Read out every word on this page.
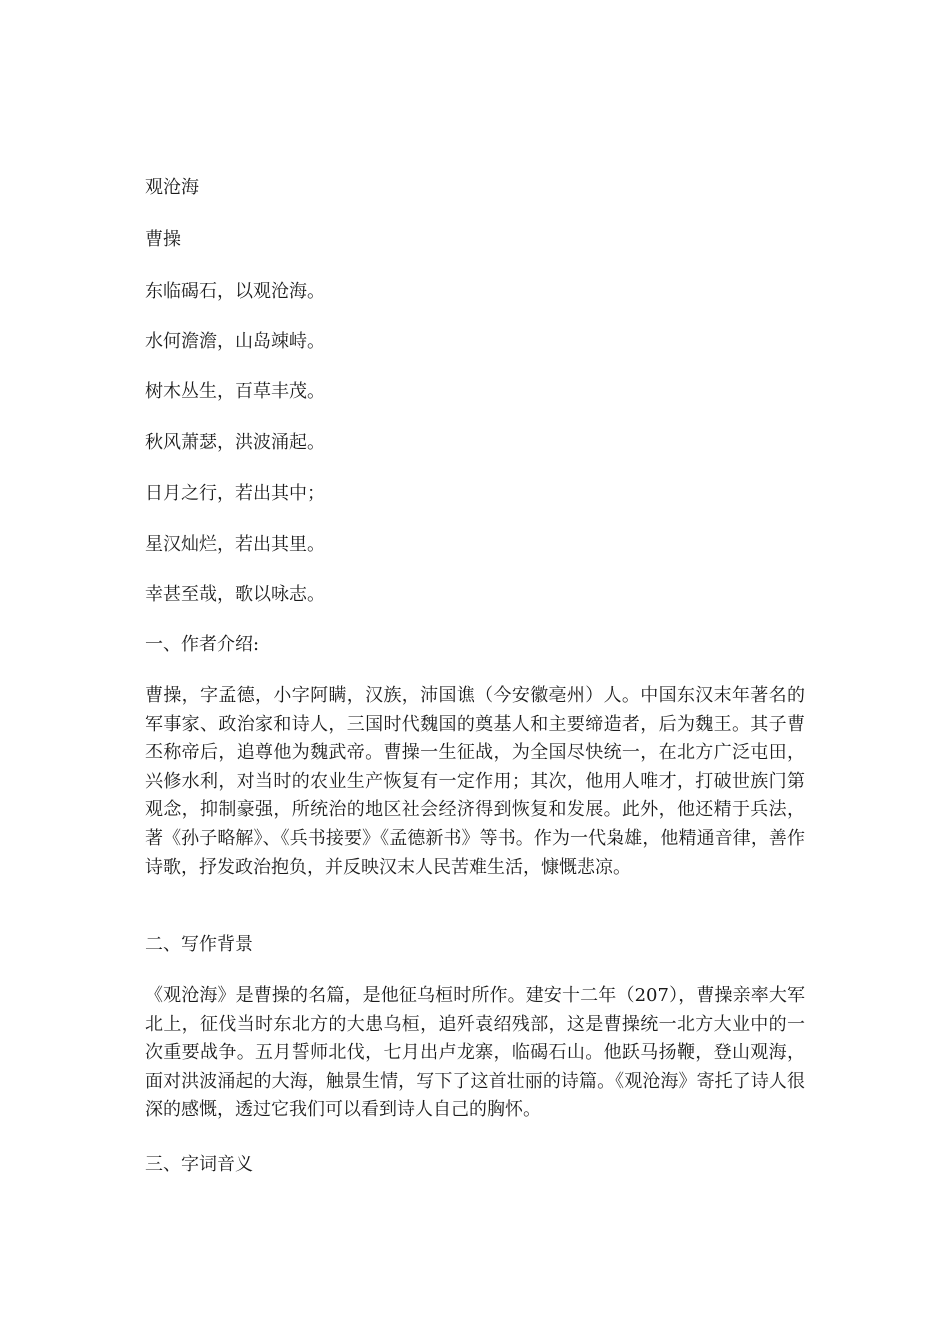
观沧海
曹操
东临碣石，以观沧海。
水何澹澹，山岛竦峙。
树木丛生，百草丰茂。
秋风萧瑟，洪波涌起。
日月之行，若出其中；
星汉灿烂，若出其里。
幸甚至哉，歌以咏志。
一、作者介绍:
曹操，字孟德，小字阿瞒，汉族，沛国谯（今安徽亳州）人。中国东汉末年著名的军事家、政治家和诗人，三国时代魏国的奠基人和主要缔造者，后为魏王。其子曹丕称帝后，追尊他为魏武帝。曹操一生征战，为全国尽快统一，在北方广泛屯田，兴修水利，对当时的农业生产恢复有一定作用；其次，他用人唯才，打破世族门第观念，抑制豪强，所统治的地区社会经济得到恢复和发展。此外，他还精于兵法，著《孙子略解》、《兵书接要》《孟德新书》等书。作为一代枭雄，他精通音律，善作诗歌，抒发政治抱负，并反映汉末人民苦难生活，慷慨悲凉。
二、写作背景
《观沧海》是曹操的名篇，是他征乌桓时所作。建安十二年（207），曹操亲率大军北上，征伐当时东北方的大患乌桓，追歼袁绍残部，这是曹操统一北方大业中的一次重要战争。五月誓师北伐，七月出卢龙寨，临碣石山。他跃马扬鞭，登山观海，面对洪波涌起的大海，触景生情，写下了这首壮丽的诗篇。《观沧海》寄托了诗人很深的感慨，透过它我们可以看到诗人自己的胸怀。
三、字词音义
